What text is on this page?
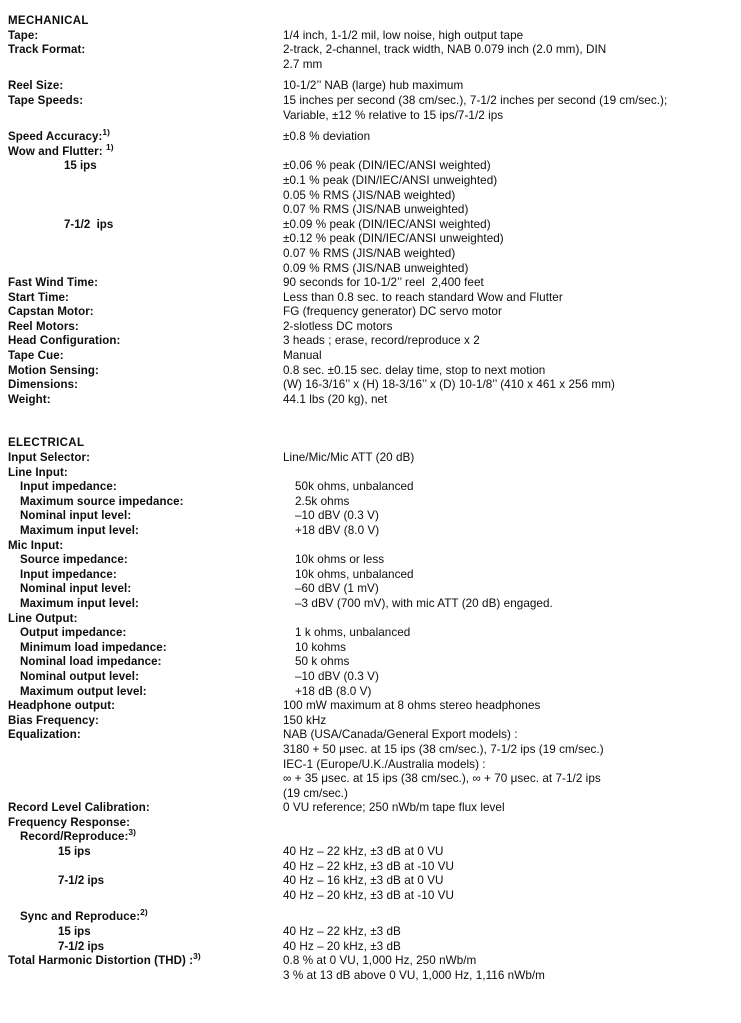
MECHANICAL
Tape:	1/4 inch, 1-1/2 mil, low noise, high output tape
Track Format:	2-track, 2-channel, track width, NAB 0.079 inch (2.0 mm), DIN
2.7 mm
Reel Size:	10-1/2’’ NAB (large) hub maximum
Tape Speeds:	15 inches per second (38 cm/sec.), 7-1/2 inches per second (19 cm/sec.);
Variable, ±12 % relative to 15 ips/7-1/2 ips
Speed Accuracy:$^{1)}$	±0.8 % deviation
Wow and Flutter: $^{1)}$
15 ips	±0.06 % peak (DIN/IEC/ANSI weighted)
±0.1 % peak (DIN/IEC/ANSI unweighted)
0.05 % RMS (JIS/NAB weighted)
0.07 % RMS (JIS/NAB unweighted)
7-1/2  ips	±0.09 % peak (DIN/IEC/ANSI weighted)
±0.12 % peak (DIN/IEC/ANSI unweighted)
0.07 % RMS (JIS/NAB weighted)
0.09 % RMS (JIS/NAB unweighted)
Fast Wind Time:	90 seconds for 10-1/2’’ reel  2,400 feet
Start Time:	Less than 0.8 sec. to reach standard Wow and Flutter
Capstan Motor:	FG (frequency generator) DC servo motor
Reel Motors:	2-slotless DC motors
Head Configuration:	3 heads ; erase, record/reproduce x 2
Tape Cue:	Manual
Motion Sensing:	0.8 sec. ±0.15 sec. delay time, stop to next motion
Dimensions:	(W) 16-3/16’’ x (H) 18-3/16’’ x (D) 10-1/8’’ (410 x 461 x 256 mm)
Weight:	44.1 lbs (20 kg), net
ELECTRICAL
Input Selector:	Line/Mic/Mic ATT (20 dB)
Line Input:
Input impedance:	50k ohms, unbalanced
Maximum source impedance:	2.5k ohms
Nominal input level:	–10 dBV (0.3 V)
Maximum input level:	+18 dBV (8.0 V)
Mic Input:
Source impedance:	10k ohms or less
Input impedance:	10k ohms, unbalanced
Nominal input level:	–60 dBV (1 mV)
Maximum input level:	–3 dBV (700 mV), with mic ATT (20 dB) engaged.
Line Output:
Output impedance:	1 k ohms, unbalanced
Minimum load impedance:	10 kohms
Nominal load impedance:	50 k ohms
Nominal output level:	–10 dBV (0.3 V)
Maximum output level:	+18 dB (8.0 V)
Headphone output:	100 mW maximum at 8 ohms stereo headphones
Bias Frequency:	150 kHz
Equalization:	NAB (USA/Canada/General Export models) :
3180 + 50 μsec. at 15 ips (38 cm/sec.), 7-1/2 ips (19 cm/sec.)
IEC-1 (Europe/U.K./Australia models) :
∞ + 35 μsec. at 15 ips (38 cm/sec.), ∞ + 70 μsec. at 7-1/2 ips
(19 cm/sec.)
Record Level Calibration:	0 VU reference; 250 nWb/m tape flux level
Frequency Response:
Record/Reproduce:$^{3)}$
15 ips	40 Hz – 22 kHz, ±3 dB at 0 VU
40 Hz – 22 kHz, ±3 dB at -10 VU
7-1/2 ips	40 Hz – 16 kHz, ±3 dB at 0 VU
40 Hz – 20 kHz, ±3 dB at -10 VU
Sync and Reproduce:$^{2)}$
15 ips	40 Hz – 22 kHz, ±3 dB
7-1/2 ips	40 Hz – 20 kHz, ±3 dB
Total Harmonic Distortion (THD) :$^{3)}$	0.8 % at 0 VU, 1,000 Hz, 250 nWb/m
3 % at 13 dB above 0 VU, 1,000 Hz, 1,116 nWb/m
